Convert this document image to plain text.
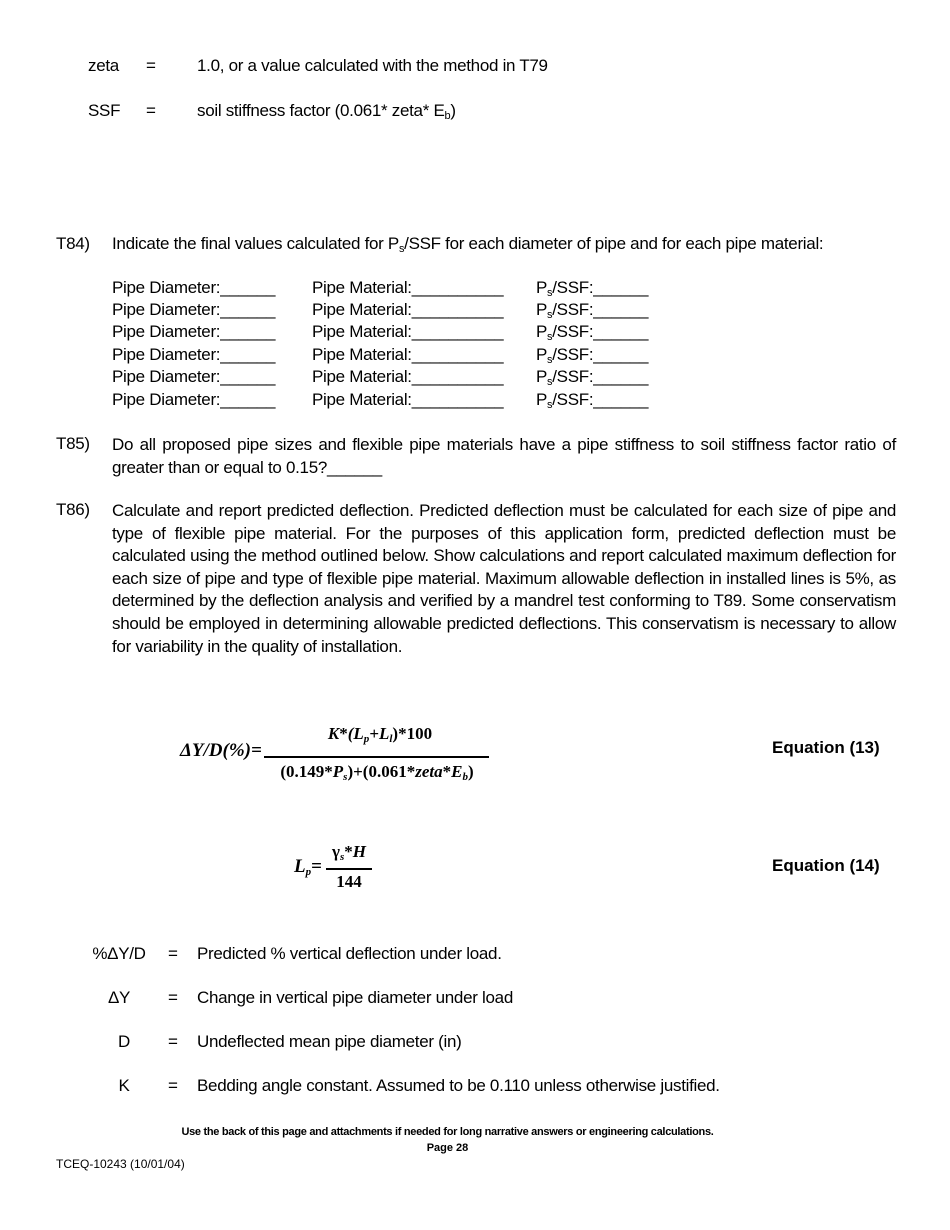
zeta = 1.0, or a value calculated with the method in T79
SSF = soil stiffness factor (0.061* zeta* $E_b$)
T84) Indicate the final values calculated for $P_s$/SSF for each diameter of pipe and for each pipe material:
Pipe Diameter:______ Pipe Material:__________ $P_s/SSF:\_\_\_\_\_\_$
Pipe Diameter:______ Pipe Material:__________ $P_s/SSF:\_\_\_\_\_\_$
Pipe Diameter:______ Pipe Material:__________ $P_s/SSF:\_\_\_\_\_\_$
Pipe Diameter:______ Pipe Material:__________ $P_s/SSF:\_\_\_\_\_\_$
Pipe Diameter:______ Pipe Material:__________ $P_s/SSF:\_\_\_\_\_\_$
Pipe Diameter:______ Pipe Material:__________ $P_s/SSF:\_\_\_\_\_\_$
T85) Do all proposed pipe sizes and flexible pipe materials have a pipe stiffness to soil stiffness factor ratio of greater than or equal to 0.15?______
T86) Calculate and report predicted deflection. Predicted deflection must be calculated for each size of pipe and type of flexible pipe material. For the purposes of this application form, predicted deflection must be calculated using the method outlined below. Show calculations and report calculated maximum deflection for each size of pipe and type of flexible pipe material. Maximum allowable deflection in installed lines is 5%, as determined by the deflection analysis and verified by a mandrel test conforming to T89. Some conservatism should be employed in determining allowable predicted deflections. This conservatism is necessary to allow for variability in the quality of installation.
ΔY/D(%)=
$K*(L_p+L_l)*100$
$(0.149*P_s)+(0.061*zeta*E_b)$
Equation (13)
$L_p=$
$\gamma_s*H$
144
Equation (14)
%ΔY/D	= Predicted % vertical deflection under load.
ΔY	= Change in vertical pipe diameter under load
D	= Undeflected mean pipe diameter (in)
K	= Bedding angle constant. Assumed to be 0.110 unless otherwise justified.
Use the back of this page and attachments if needed for long narrative answers or engineering calculations.
Page 28
TCEQ-10243 (10/01/04)
